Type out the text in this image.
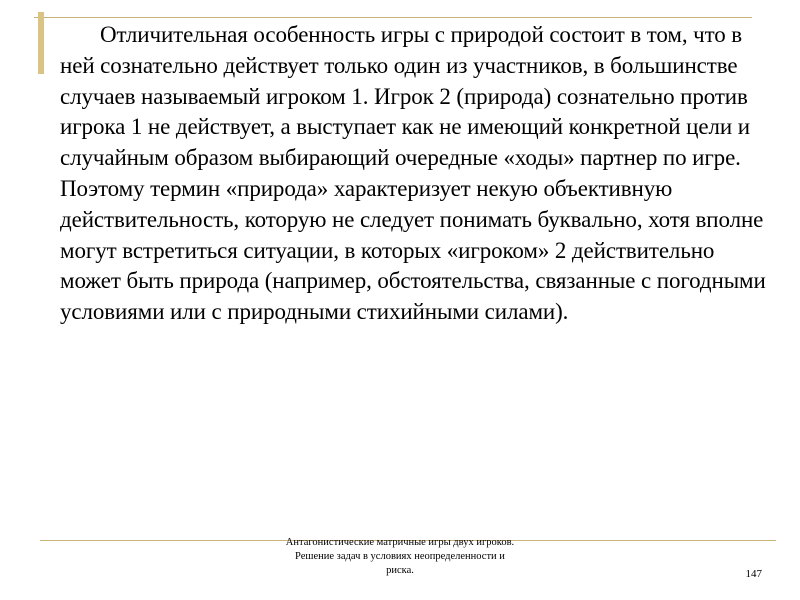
Отличительная особенность игры с природой состоит в том, что в ней сознательно действует только один из участников, в большинстве случаев называемый игроком 1. Игрок 2 (природа) сознательно против игрока 1 не действует, а выступает как не имеющий конкретной цели и случайным образом выбирающий очередные «ходы» партнер по игре. Поэтому термин «природа» характеризует некую объективную действительность, которую не следует понимать буквально, хотя вполне могут встретиться ситуации, в которых «игроком» 2 действительно может быть природа (например, обстоятельства, связанные с погодными условиями или с природными стихийными силами).

Антагонистические матричные игры двух игроков. Решение задач в условиях неопределенности и риска.	147
